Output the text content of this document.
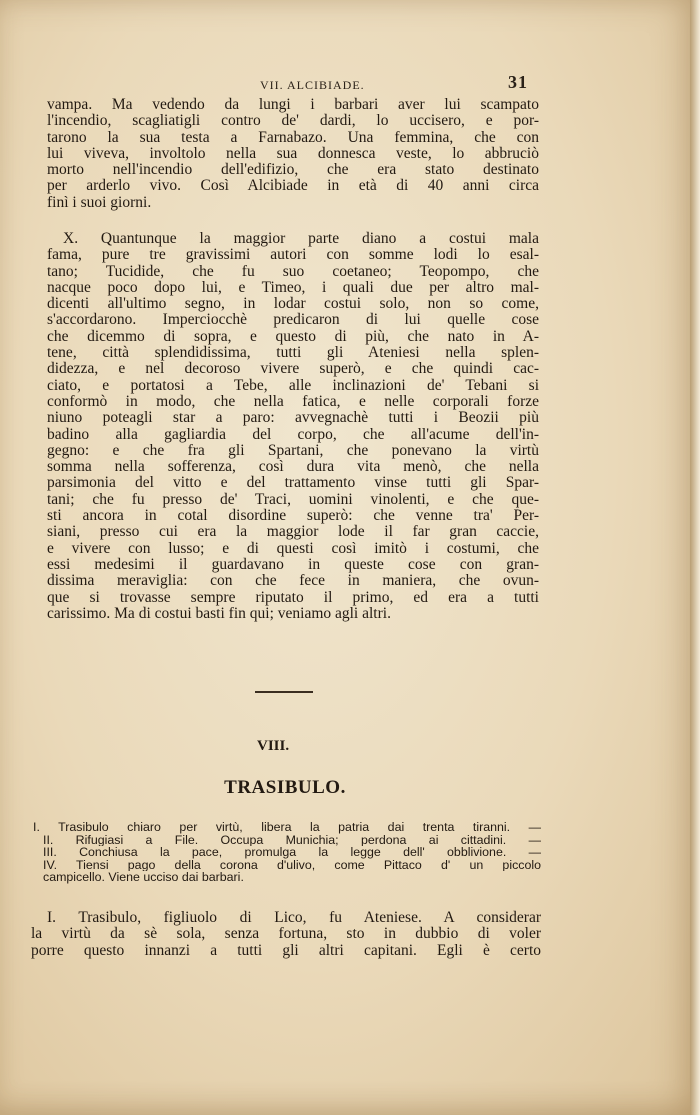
VII. ALCIBIADE.	31
vampa. Ma vedendo da lungi i barbari aver lui scampato
l'incendio, scagliatigli contro de' dardi, lo uccisero, e por-
tarono la sua testa a Farnabazo. Una femmina, che con
lui viveva, involtolo nella sua donnesca veste, lo abbruciò
morto nell'incendio dell'edifizio, che era stato destinato
per arderlo vivo. Così Alcibiade in età di 40 anni circa
finì i suoi giorni.
X. Quantunque la maggior parte diano a costui mala
fama, pure tre gravissimi autori con somme lodi lo esal-
tano; Tucidide, che fu suo coetaneo; Teopompo, che
nacque poco dopo lui, e Timeo, i quali due per altro mal-
dicenti all'ultimo segno, in lodar costui solo, non so come,
s'accordarono. Imperciocchè predicaron di lui quelle cose
che dicemmo di sopra, e questo di più, che nato in A-
tene, città splendidissima, tutti gli Ateniesi nella splen-
didezza, e nel decoroso vivere superò, e che quindi cac-
ciato, e portatosi a Tebe, alle inclinazioni de' Tebani si
conformò in modo, che nella fatica, e nelle corporali forze
niuno poteagli star a paro: avvegnachè tutti i Beozii più
badino alla gagliardia del corpo, che all'acume dell'in-
gegno: e che fra gli Spartani, che ponevano la virtù
somma nella sofferenza, così dura vita menò, che nella
parsimonia del vitto e del trattamento vinse tutti gli Spar-
tani; che fu presso de' Traci, uomini vinolenti, e che que-
sti ancora in cotal disordine superò: che venne tra' Per-
siani, presso cui era la maggior lode il far gran caccie,
e vivere con lusso; e di questi così imitò i costumi, che
essi medesimi il guardavano in queste cose con gran-
dissima meraviglia: con che fece in maniera, che ovun-
que si trovasse sempre riputato il primo, ed era a tutti
carissimo. Ma di costui basti fin qui; veniamo agli altri.
VIII.
TRASIBULO.
I. Trasibulo chiaro per virtù, libera la patria dai trenta tiranni. —
II. Rifugiasi a File. Occupa Munichia; perdona ai cittadini. —
III. Conchiusa la pace, promulga la legge dell' obblivione. —
IV. Tiensi pago della corona d'ulivo, come Pittaco d' un piccolo
campicello. Viene ucciso dai barbari.
I. Trasibulo, figliuolo di Lico, fu Ateniese. A considerar
la virtù da sè sola, senza fortuna, sto in dubbio di voler
porre questo innanzi a tutti gli altri capitani. Egli è certo
